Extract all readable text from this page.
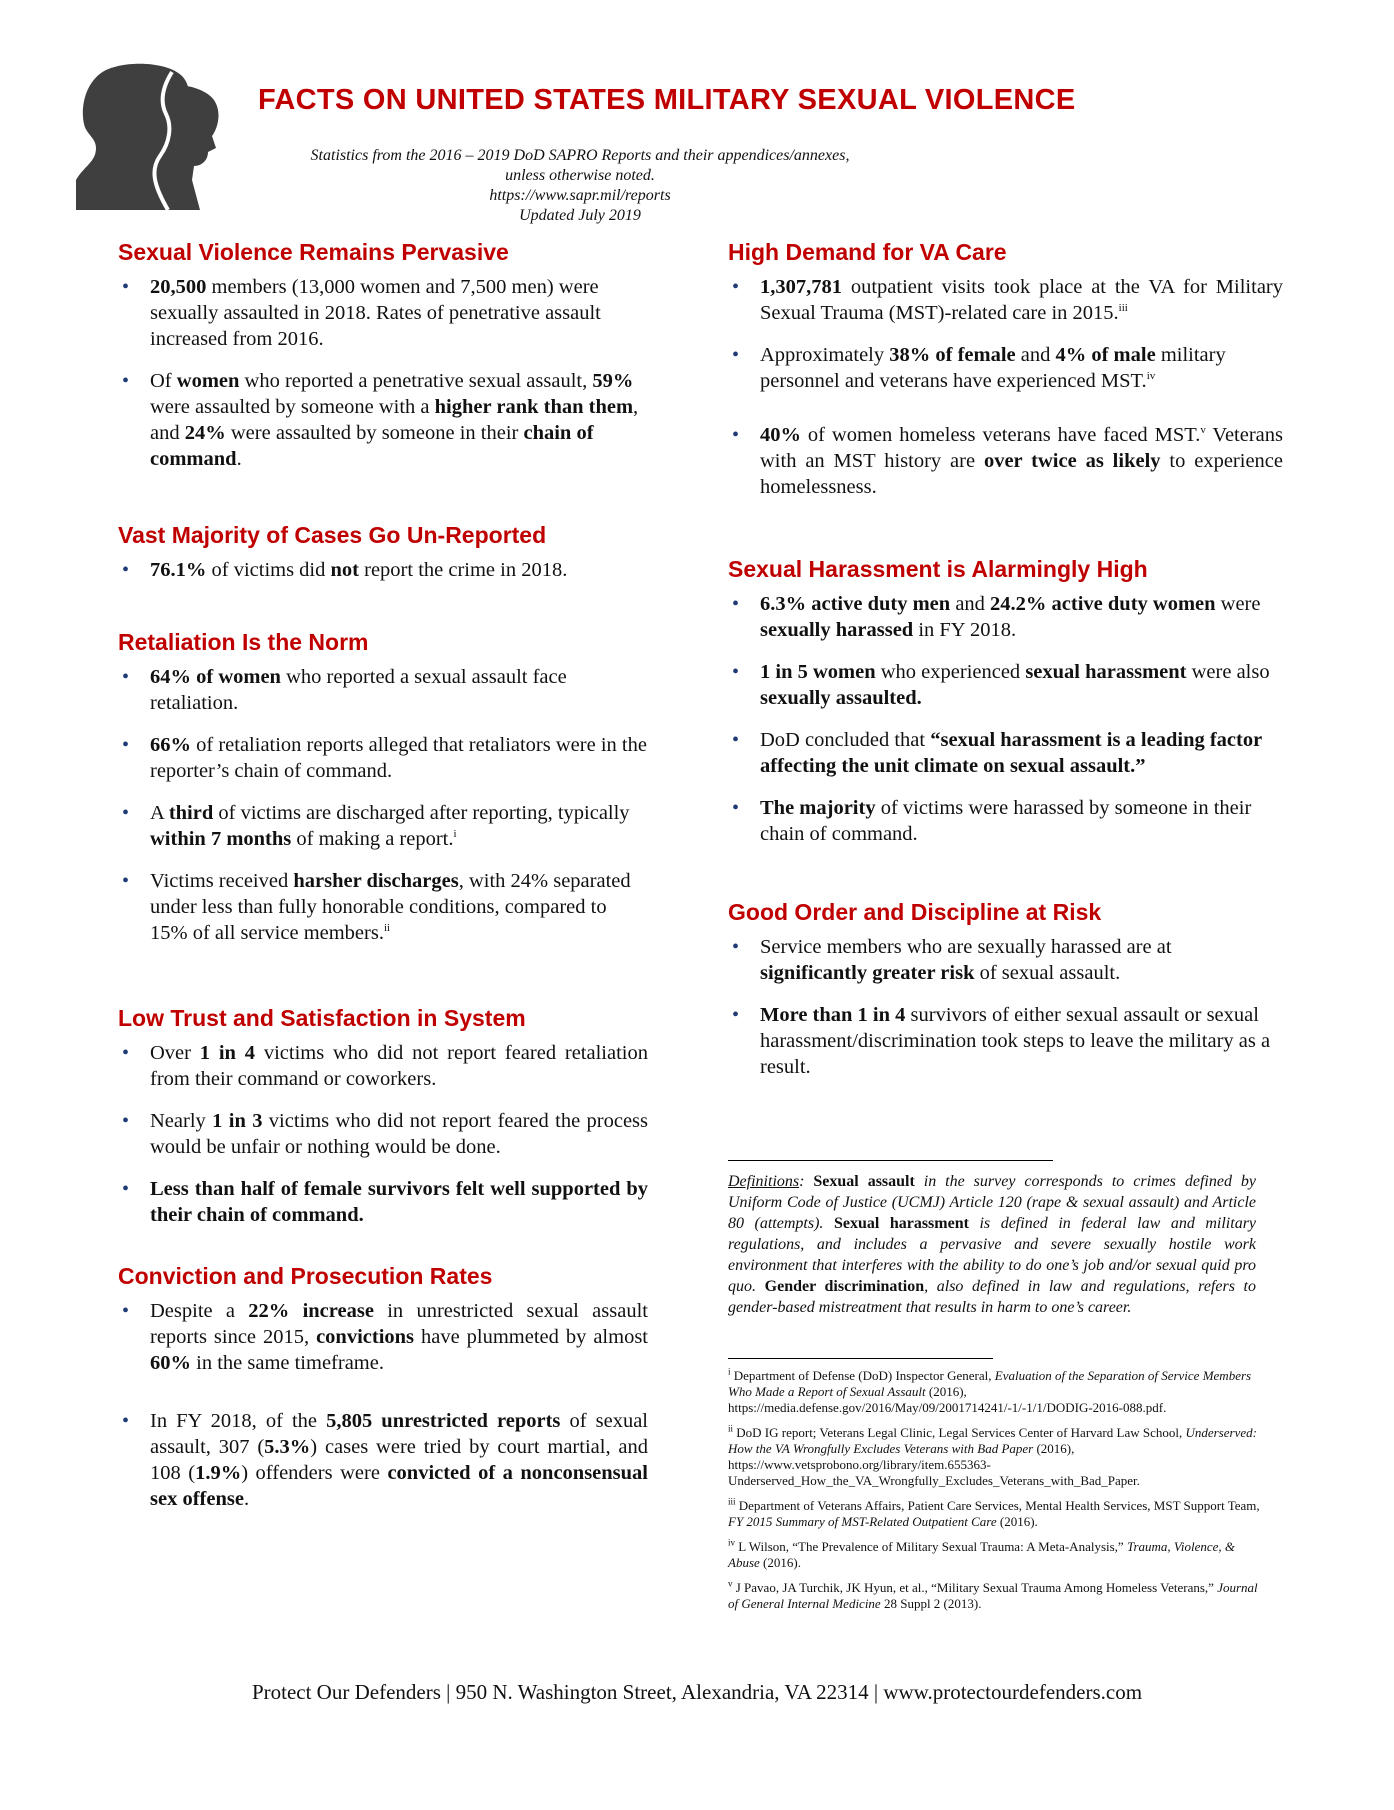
FACTS ON UNITED STATES MILITARY SEXUAL VIOLENCE
Statistics from the 2016 – 2019 DoD SAPRO Reports and their appendices/annexes, unless otherwise noted.
https://www.sapr.mil/reports
Updated July 2019
Sexual Violence Remains Pervasive
• 20,500 members (13,000 women and 7,500 men) were sexually assaulted in 2018. Rates of penetrative assault increased from 2016.
• Of women who reported a penetrative sexual assault, 59% were assaulted by someone with a higher rank than them, and 24% were assaulted by someone in their chain of command.
Vast Majority of Cases Go Un-Reported
• 76.1% of victims did not report the crime in 2018.
Retaliation Is the Norm
• 64% of women who reported a sexual assault face retaliation.
• 66% of retaliation reports alleged that retaliators were in the reporter’s chain of command.
• A third of victims are discharged after reporting, typically within 7 months of making a report.$^i$
• Victims received harsher discharges, with 24% separated under less than fully honorable conditions, compared to 15% of all service members.$^{ii}$
Low Trust and Satisfaction in System
• Over 1 in 4 victims who did not report feared retaliation from their command or coworkers.
• Nearly 1 in 3 victims who did not report feared the process would be unfair or nothing would be done.
• Less than half of female survivors felt well supported by their chain of command.
Conviction and Prosecution Rates
• Despite a 22% increase in unrestricted sexual assault reports since 2015, convictions have plummeted by almost 60% in the same timeframe.
• In FY 2018, of the 5,805 unrestricted reports of sexual assault, 307 (5.3%) cases were tried by court martial, and 108 (1.9%) offenders were convicted of a nonconsensual sex offense.
High Demand for VA Care
• 1,307,781 outpatient visits took place at the VA for Military Sexual Trauma (MST)-related care in 2015.$^{iii}$
• Approximately 38% of female and 4% of male military personnel and veterans have experienced MST.$^{iv}$
• 40% of women homeless veterans have faced MST.$^v$ Veterans with an MST history are over twice as likely to experience homelessness.
Sexual Harassment is Alarmingly High
• 6.3% active duty men and 24.2% active duty women were sexually harassed in FY 2018.
• 1 in 5 women who experienced sexual harassment were also sexually assaulted.
• DoD concluded that “sexual harassment is a leading factor affecting the unit climate on sexual assault.”
• The majority of victims were harassed by someone in their chain of command.
Good Order and Discipline at Risk
• Service members who are sexually harassed are at significantly greater risk of sexual assault.
• More than 1 in 4 survivors of either sexual assault or sexual harassment/discrimination took steps to leave the military as a result.
Definitions: Sexual assault in the survey corresponds to crimes defined by Uniform Code of Justice (UCMJ) Article 120 (rape & sexual assault) and Article 80 (attempts). Sexual harassment is defined in federal law and military regulations, and includes a pervasive and severe sexually hostile work environment that interferes with the ability to do one’s job and/or sexual quid pro quo. Gender discrimination, also defined in law and regulations, refers to gender-based mistreatment that results in harm to one’s career.
$^i$ Department of Defense (DoD) Inspector General, Evaluation of the Separation of Service Members Who Made a Report of Sexual Assault (2016), https://media.defense.gov/2016/May/09/2001714241/-1/-1/1/DODIG-2016-088.pdf.
$^{ii}$ DoD IG report; Veterans Legal Clinic, Legal Services Center of Harvard Law School, Underserved: How the VA Wrongfully Excludes Veterans with Bad Paper (2016), https://www.vetsprobono.org/library/item.655363-Underserved_How_the_VA_Wrongfully_Excludes_Veterans_with_Bad_Paper.
$^{iii}$ Department of Veterans Affairs, Patient Care Services, Mental Health Services, MST Support Team, FY 2015 Summary of MST-Related Outpatient Care (2016).
$^{iv}$ L Wilson, “The Prevalence of Military Sexual Trauma: A Meta-Analysis,” Trauma, Violence, & Abuse (2016).
$^v$ J Pavao, JA Turchik, JK Hyun, et al., “Military Sexual Trauma Among Homeless Veterans,” Journal of General Internal Medicine 28 Suppl 2 (2013).
Protect Our Defenders | 950 N. Washington Street, Alexandria, VA 22314 | www.protectourdefenders.com
